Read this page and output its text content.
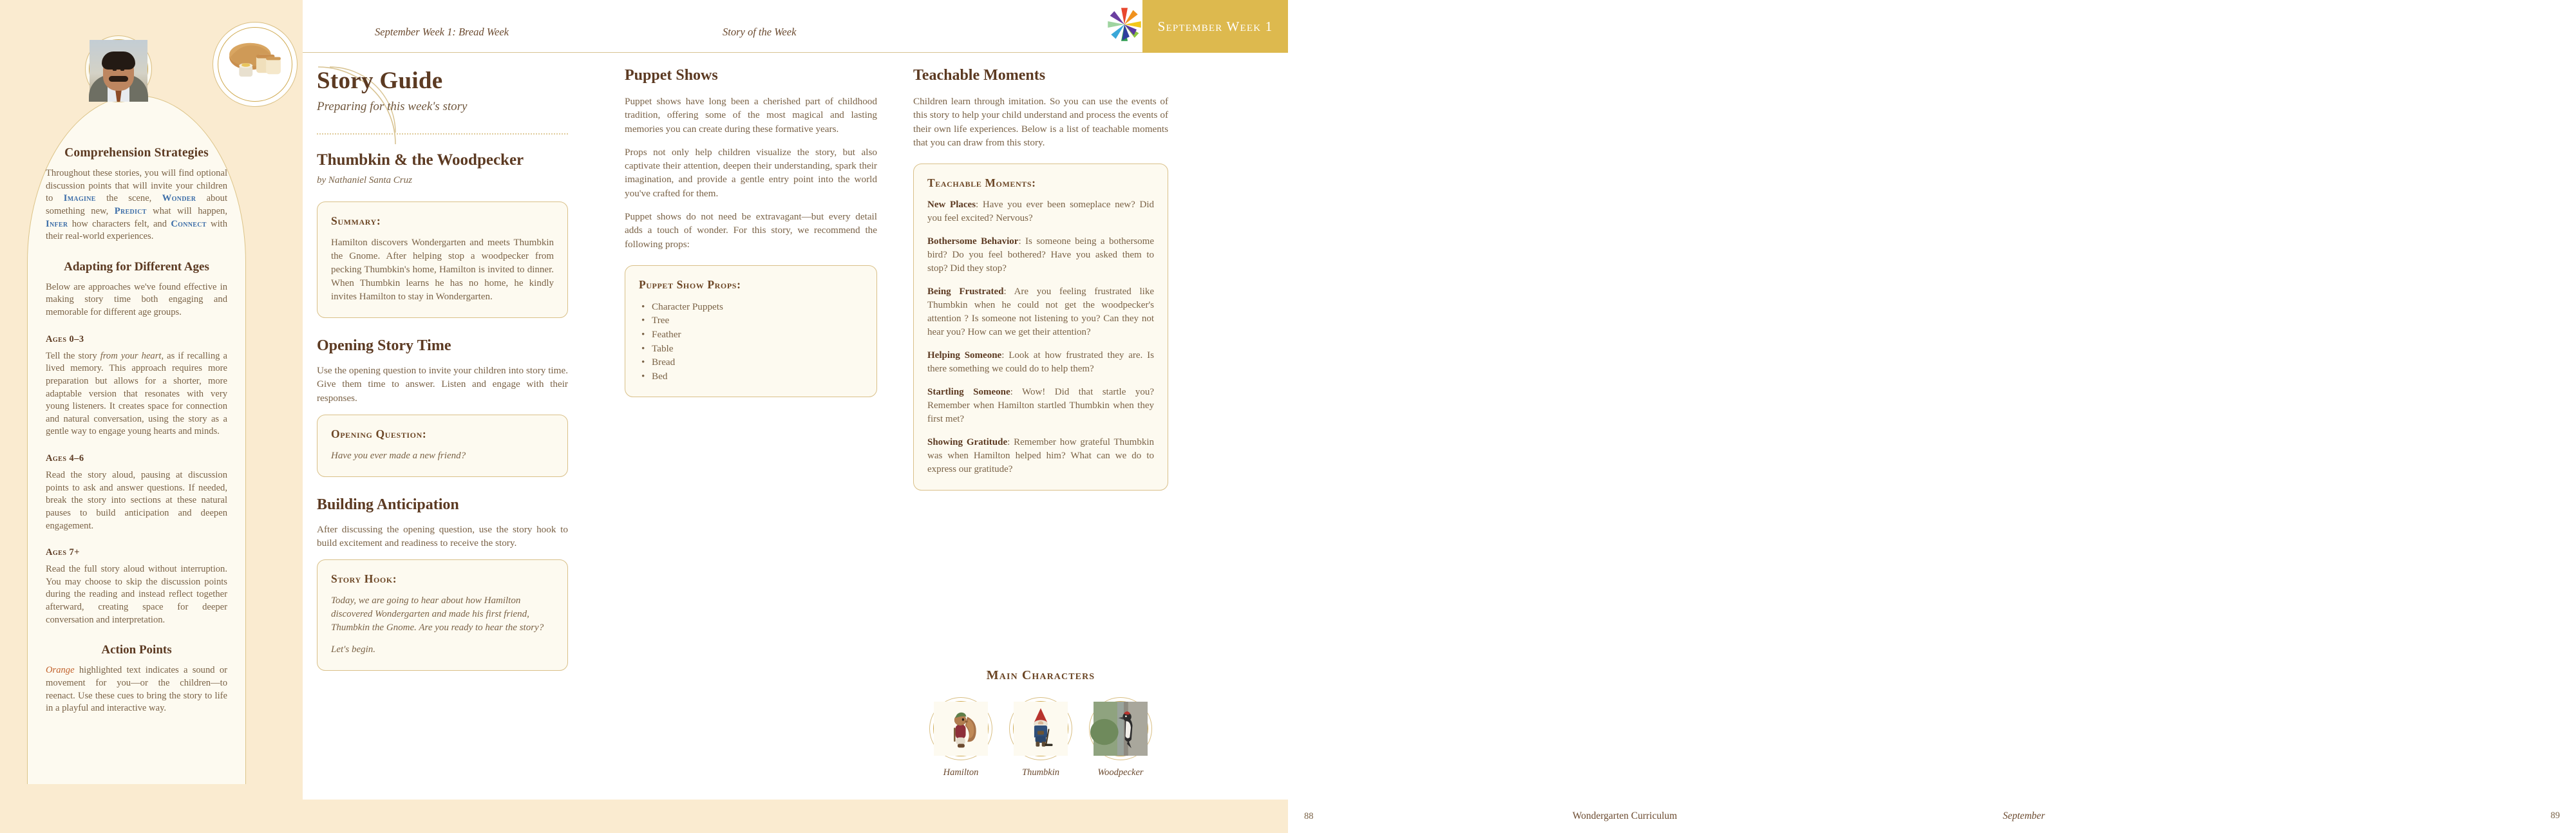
Comprehension Strategies

Throughout these stories, you will find optional discussion points that will invite your children to Imagine the scene, Wonder about something new, Predict what will happen, Infer how characters felt, and Connect with their real-world experiences.

Adapting for Different Ages

Below are approaches we've found effective in making story time both engaging and memorable for different age groups.

Ages 0–3

Tell the story from your heart, as if recalling a lived memory. This approach requires more preparation but allows for a shorter, more adaptable version that resonates with very young listeners. It creates space for connection and natural conversation, using the story as a gentle way to engage young hearts and minds.

Ages 4–6

Read the story aloud, pausing at discussion points to ask and answer questions. If needed, break the story into sections at these natural pauses to build anticipation and deepen engagement.

Ages 7+

Read the full story aloud without interruption. You may choose to skip the discussion points during the reading and instead reflect together afterward, creating space for deeper conversation and interpretation.

Action Points

Orange highlighted text indicates a sound or movement for you—or the children—to reenact. Use these cues to bring the story to life in a playful and interactive way.

September Week 1: Bread Week	Story of the Week	September Week 1
Story Guide
Preparing for this week's story
Thumbkin & the Woodpecker
by Nathaniel Santa Cruz
Summary:
Hamilton discovers Wondergarten and meets Thumbkin the Gnome. After helping stop a woodpecker from pecking Thumbkin's home, Hamilton is invited to dinner. When Thumbkin learns he has no home, he kindly invites Hamilton to stay in Wondergarten.
Opening Story Time

Use the opening question to invite your children into story time. Give them time to answer. Listen and engage with their responses.

Opening Question:
Have you ever made a new friend?
Building Anticipation

After discussing the opening question, use the story hook to build excitement and readiness to receive the story.

Story Hook:

Today, we are going to hear about how Hamilton discovered Wondergarten and made his first friend, Thumbkin the Gnome. Are you ready to hear the story?

Let's begin.

Puppet Shows

Puppet shows have long been a cherished part of childhood tradition, offering some of the most magical and lasting memories you can create during these formative years.

Props not only help children visualize the story, but also captivate their attention, deepen their understanding, spark their imagination, and provide a gentle entry point into the world you've crafted for them.

Puppet shows do not need be extravagant—but every detail adds a touch of wonder. For this story, we recommend the following props:

Puppet Show Props:
• Character Puppets
• Tree
• Feather
• Table
• Bread
• Bed
Teachable Moments

Children learn through imitation. So you can use the events of this story to help your child understand and process the events of their own life experiences. Below is a list of teachable moments that you can draw from this story.

Teachable Moments:

New Places: Have you ever been someplace new? Did you feel excited? Nervous?

Bothersome Behavior: Is someone being a bothersome bird? Do you feel bothered? Have you asked them to stop? Did they stop?

Being Frustrated: Are you feeling frustrated like Thumbkin when he could not get the woodpecker's attention ? Is someone not listening to you? Can they not hear you? How can we get their attention?

Helping Someone: Look at how frustrated they are. Is there something we could do to help them?

Startling Someone: Wow! Did that startle you? Remember when Hamilton startled Thumbkin when they first met?

Showing Gratitude: Remember how grateful Thumbkin was when Hamilton helped him? What can we do to express our gratitude?

Main Characters
Hamilton	Thumbkin	Woodpecker
88	Wondergarten Curriculum	September	89
